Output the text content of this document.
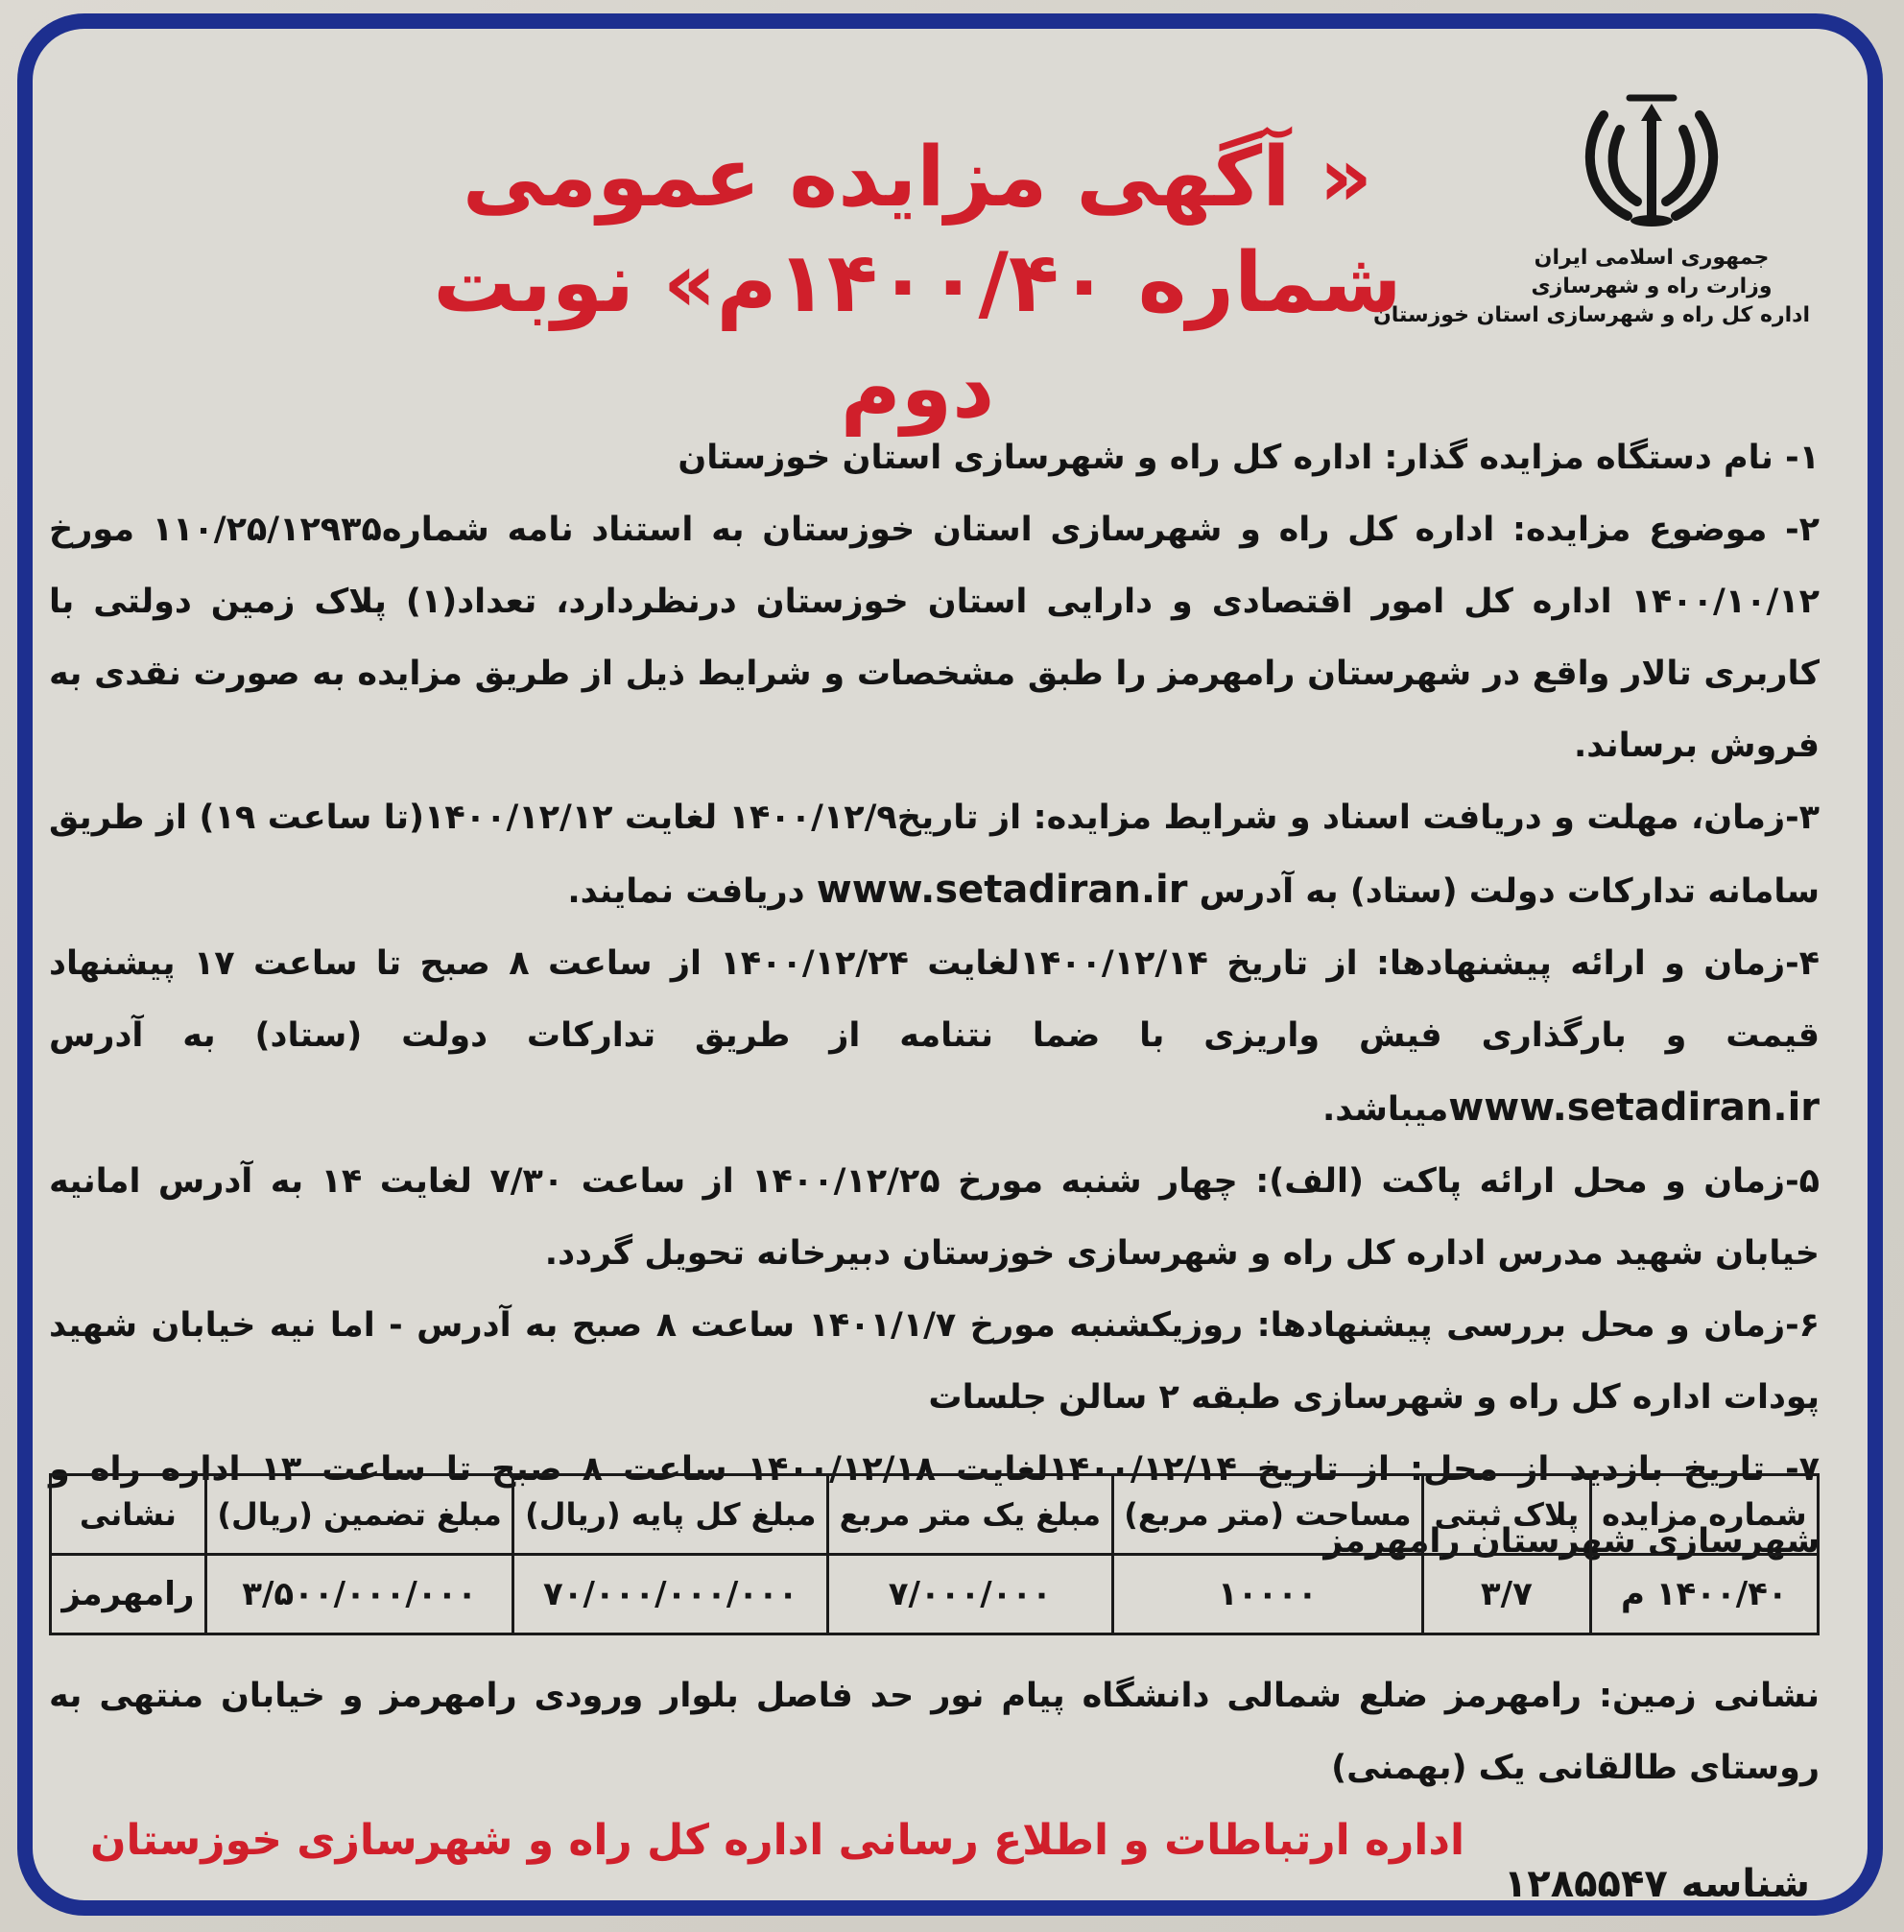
جمهوری اسلامی ایران
وزارت راه و شهرسازی
اداره کل راه و شهرسازی استان خوزستان
« آگهی مزایده عمومی
شماره ۱۴۰۰/۴۰م» نوبت دوم

۱- نام دستگاه مزایده گذار: اداره کل راه و شهرسازی استان خوزستان

۲- موضوع مزایده: اداره کل راه و شهرسازی استان خوزستان به استناد نامه شماره۱۱۰/۲۵/۱۲۹۳۵ مورخ ۱۴۰۰/۱۰/۱۲ اداره کل امور اقتصادی و دارایی استان خوزستان درنظردارد، تعداد(۱) پلاک زمین دولتی با کاربری تالار واقع در شهرستان رامهرمز را طبق مشخصات و شرایط ذیل از طریق مزایده به صورت نقدی به فروش برساند.

۳-زمان، مهلت و دریافت اسناد و شرایط مزایده: از تاریخ۱۴۰۰/۱۲/۹ لغایت ۱۴۰۰/۱۲/۱۲(تا ساعت ۱۹) از طریق سامانه تدارکات دولت (ستاد) به آدرس www.setadiran.ir دریافت نمایند.

۴-زمان و ارائه پیشنهادها: از تاریخ ۱۴۰۰/۱۲/۱۴لغایت ۱۴۰۰/۱۲/۲۴ از ساعت ۸ صبح تا ساعت ۱۷ پیشنهاد قیمت و بارگذاری فیش واریزی با ضما نتنامه از طریق تدارکات دولت (ستاد) به آدرس www.setadiran.irمیباشد.

۵-زمان و محل ارائه پاکت (الف): چهار شنبه مورخ ۱۴۰۰/۱۲/۲۵ از ساعت ۷/۳۰ لغایت ۱۴ به آدرس امانیه خیابان شهید مدرس اداره کل راه و شهرسازی خوزستان دبیرخانه تحویل گردد.

۶-زمان و محل بررسی پیشنهادها: روزیکشنبه مورخ ۱۴۰۱/۱/۷ ساعت ۸ صبح به آدرس - اما نیه خیابان شهید پودات اداره کل راه و شهرسازی طبقه ۲ سالن جلسات

۷- تاریخ بازدید از محل: از تاریخ ۱۴۰۰/۱۲/۱۴لغایت ۱۴۰۰/۱۲/۱۸ ساعت ۸ صبح تا ساعت ۱۳ اداره راه و شهرسازی شهرستان رامهرمز

شماره مزایده	پلاک ثبتی	مساحت (متر مربع)	مبلغ یک متر مربع	مبلغ کل پایه (ریال)	مبلغ تضمین (ریال)	نشانی
۱۴۰۰/۴۰ م	۳/۷	۱۰۰۰۰	۷/۰۰۰/۰۰۰	۷۰/۰۰۰/۰۰۰/۰۰۰	۳/۵۰۰/۰۰۰/۰۰۰	رامهرمز
نشانی زمین: رامهرمز ضلع شمالی دانشگاه پیام نور حد فاصل بلوار ورودی رامهرمز و خیابان منتهی به روستای طالقانی یک (بهمنی)
اداره ارتباطات و اطلاع رسانی اداره کل راه و شهرسازی خوزستان
شناسه ۱۲۸۵۵۴۷
